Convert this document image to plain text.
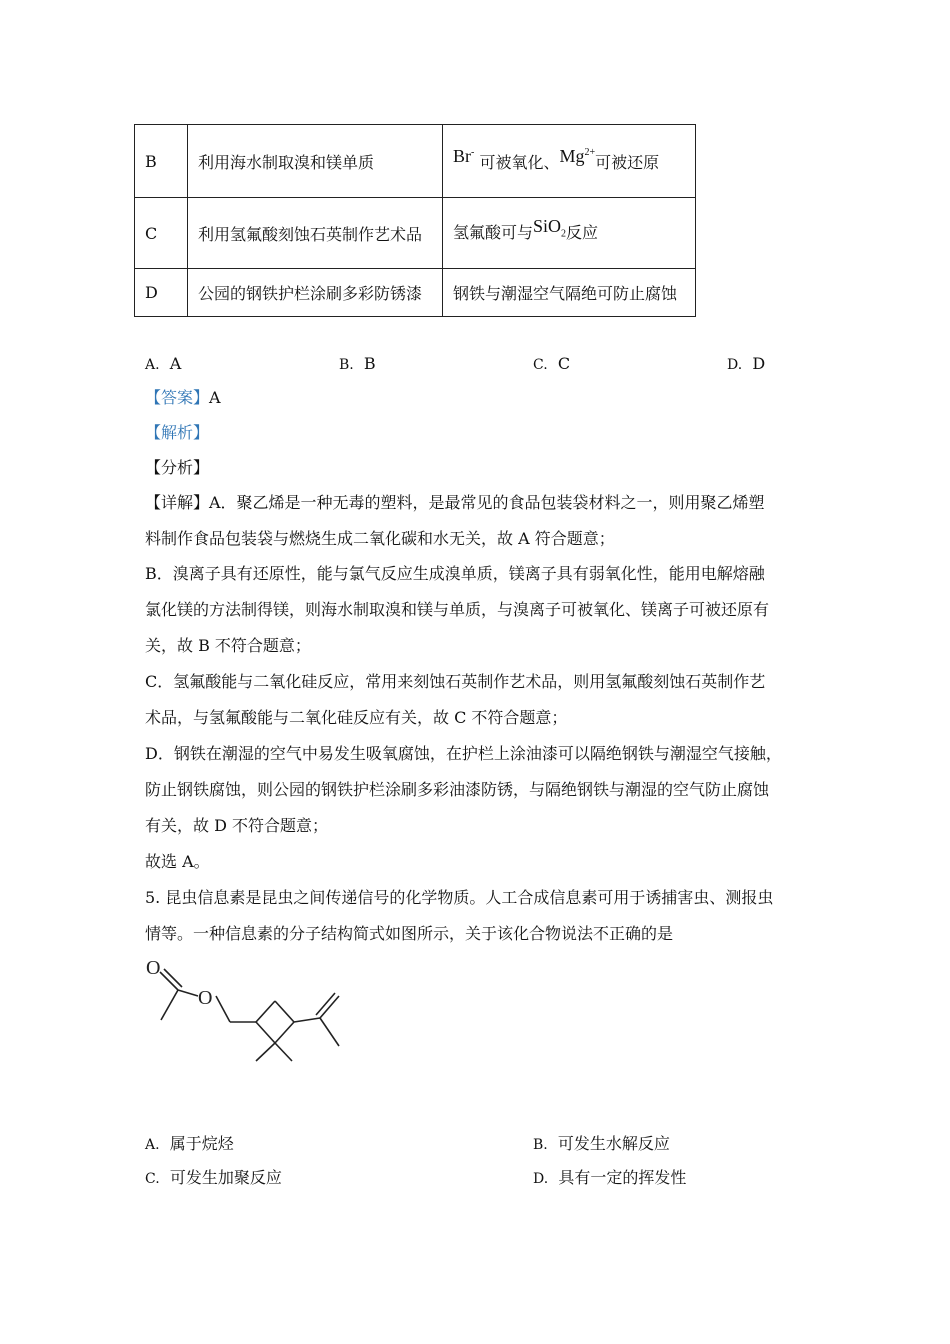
B	利用海水制取溴和镁单质	Br- 可被氧化、$Mg^{2+}$可被还原
C	利用氢氟酸刻蚀石英制作艺术品	氢氟酸可与SiO$_2$反应
D	公园的钢铁护栏涂刷多彩防锈漆	钢铁与潮湿空气隔绝可防止腐蚀
A. A	B. B	C. C	D. D
【答案】A
【解析】
【分析】
【详解】A．聚乙烯是一种无毒的塑料，是最常见的食品包装袋材料之一，则用聚乙烯塑
料制作食品包装袋与燃烧生成二氧化碳和水无关，故 A 符合题意；
B．溴离子具有还原性，能与氯气反应生成溴单质，镁离子具有弱氧化性，能用电解熔融
氯化镁的方法制得镁，则海水制取溴和镁与单质，与溴离子可被氧化、镁离子可被还原有
关，故 B 不符合题意；
C．氢氟酸能与二氧化硅反应，常用来刻蚀石英制作艺术品，则用氢氟酸刻蚀石英制作艺
术品，与氢氟酸能与二氧化硅反应有关，故 C 不符合题意；
D．钢铁在潮湿的空气中易发生吸氧腐蚀，在护栏上涂油漆可以隔绝钢铁与潮湿空气接触，
防止钢铁腐蚀，则公园的钢铁护栏涂刷多彩油漆防锈，与隔绝钢铁与潮湿的空气防止腐蚀
有关，故 D 不符合题意；
故选 A。
5. 昆虫信息素是昆虫之间传递信号的化学物质。人工合成信息素可用于诱捕害虫、测报虫
情等。一种信息素的分子结构简式如图所示，关于该化合物说法不正确的是
O
O
A. 属于烷烃	B. 可发生水解反应
C. 可发生加聚反应	D. 具有一定的挥发性
